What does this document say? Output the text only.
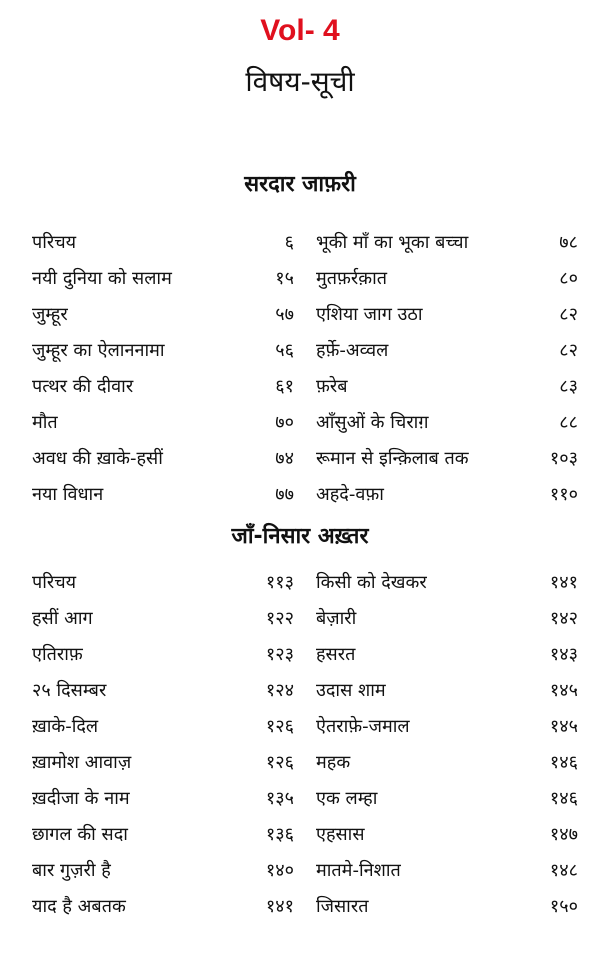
Vol- 4
विषय-सूची
सरदार जाफ़री
परिचय	६ भूकी माँ का भूका बच्चा	७८
नयी दुनिया को सलाम	१५ मुतफ़र्रक़ात	८०
जुम्हूर	५७ एशिया जाग उठा	८२
जुम्हूर का ऐलाननामा	५६ हर्फ़े-अव्वल	८२
पत्थर की दीवार	६१ फ़रेब	८३
मौत	७० आँसुओं के चिराग़	८८
अवध की ख़ाके-हसीं	७४ रूमान से इन्क़िलाब तक	१०३
नया विधान	७७ अहदे-वफ़ा	११०
जाँ-निसार अख़्तर
परिचय	११३ किसी को देखकर	१४१
हसीं आग	१२२ बेज़ारी	१४२
एतिराफ़	१२३ हसरत	१४३
२५ दिसम्बर	१२४ उदास शाम	१४५
ख़ाके-दिल	१२६ ऐतराफ़े-जमाल	१४५
ख़ामोश आवाज़	१२६ महक	१४६
ख़दीजा के नाम	१३५ एक लम्हा	१४६
छागल की सदा	१३६ एहसास	१४७
बार गुज़री है	१४० मातमे-निशात	१४८
याद है अबतक	१४१ जिसारत	१५०
